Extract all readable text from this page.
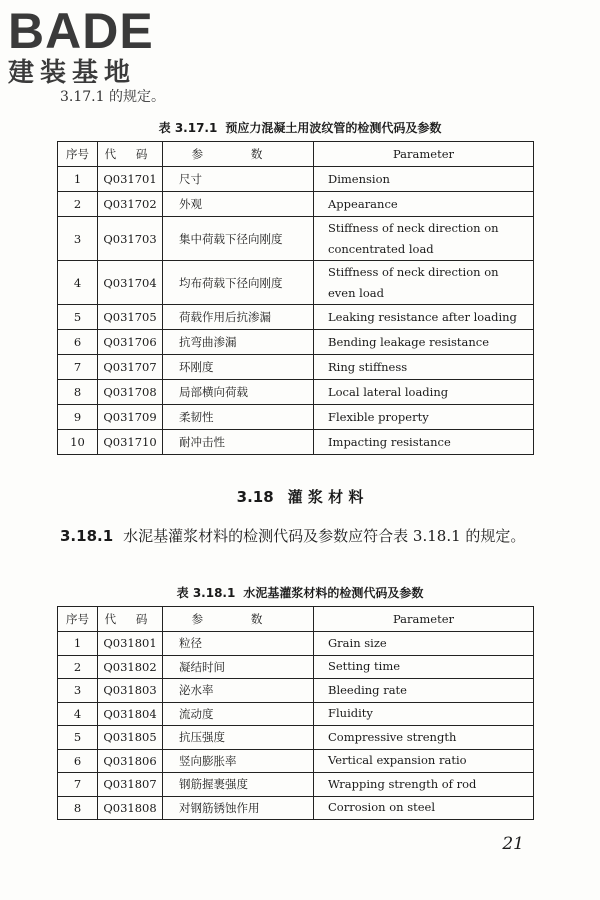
BADE
建装基地
3.17.1 的规定。
表 3.17.1 预应力混凝土用波纹管的检测代码及参数
序号	代 码	参 数	Parameter
1	Q031701	尺寸	Dimension
2	Q031702	外观	Appearance
3	Q031703	集中荷载下径向刚度	Stiffness of neck direction on concentrated load
4	Q031704	均布荷载下径向刚度	Stiffness of neck direction on even load
5	Q031705	荷载作用后抗渗漏	Leaking resistance after loading
6	Q031706	抗弯曲渗漏	Bending leakage resistance
7	Q031707	环刚度	Ring stiffness
8	Q031708	局部横向荷载	Local lateral loading
9	Q031709	柔韧性	Flexible property
10	Q031710	耐冲击性	Impacting resistance
3.18 灌 浆 材 料
3.18.1 水泥基灌浆材料的检测代码及参数应符合表 3.18.1 的规定。
表 3.18.1 水泥基灌浆材料的检测代码及参数
序号	代 码	参 数	Parameter
1	Q031801	粒径	Grain size
2	Q031802	凝结时间	Setting time
3	Q031803	泌水率	Bleeding rate
4	Q031804	流动度	Fluidity
5	Q031805	抗压强度	Compressive strength
6	Q031806	竖向膨胀率	Vertical expansion ratio
7	Q031807	钢筋握裹强度	Wrapping strength of rod
8	Q031808	对钢筋锈蚀作用	Corrosion on steel
21
